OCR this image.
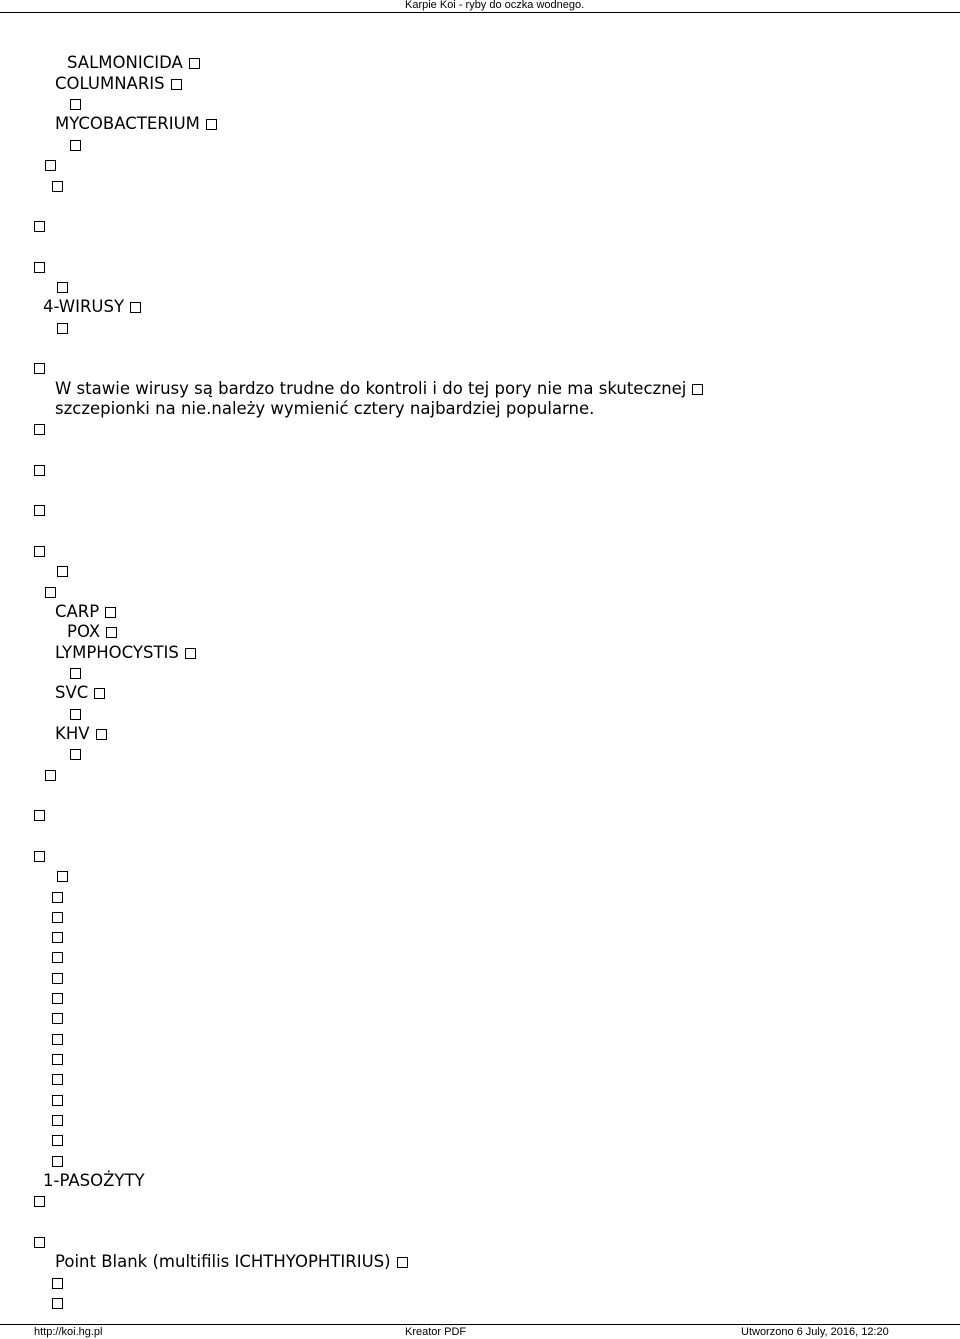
Karpie Koi - ryby do oczka wodnego.
SALMONICIDA
COLUMNARIS
MYCOBACTERIUM
4-WIRUSY
W stawie wirusy są bardzo trudne do kontroli i do tej pory nie ma skutecznej
szczepionki na nie.należy wymienić cztery najbardziej popularne.
CARP
POX
LYMPHOCYSTIS
SVC
KHV
1-PASOŻYTY
Point Blank (multifilis ICHTHYOPHTIRIUS)
http://koi.hg.pl	Kreator PDF	Utworzono 6 July, 2016, 12:20
